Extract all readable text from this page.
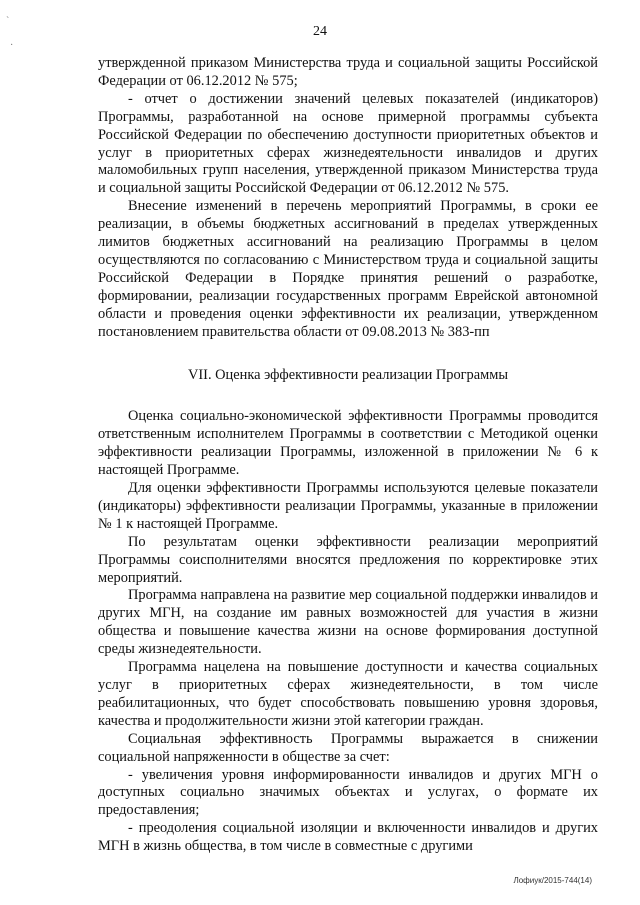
ˋ
·
24

утвержденной приказом Министерства труда и социальной защиты Российской Федерации от 06.12.2012 № 575;

- отчет о достижении значений целевых показателей (индикаторов) Программы, разработанной на основе примерной программы субъекта Российской Федерации по обеспечению доступности приоритетных объектов и услуг в приоритетных сферах жизнедеятельности инвалидов и других маломобильных групп населения, утвержденной приказом Министерства труда и социальной защиты Российской Федерации от 06.12.2012 № 575.

Внесение изменений в перечень мероприятий Программы, в сроки ее реализации, в объемы бюджетных ассигнований в пределах утвержденных лимитов бюджетных ассигнований на реализацию Программы в целом осуществляются по согласованию с Министерством труда и социальной защиты Российской Федерации в Порядке принятия решений о разработке, формировании, реализации государственных программ Еврейской автономной области и проведения оценки эффективности их реализации, утвержденном постановлением правительства области от 09.08.2013 № 383-пп

VII. Оценка эффективности реализации Программы

Оценка социально-экономической эффективности Программы проводится ответственным исполнителем Программы в соответствии с Методикой оценки эффективности реализации Программы, изложенной в приложении № 6 к настоящей Программе.

Для оценки эффективности Программы используются целевые показатели (индикаторы) эффективности реализации Программы, указанные в приложении № 1 к настоящей Программе.

По результатам оценки эффективности реализации мероприятий Программы соисполнителями вносятся предложения по корректировке этих мероприятий.

Программа направлена на развитие мер социальной поддержки инвалидов и других МГН, на создание им равных возможностей для участия в жизни общества и повышение качества жизни на основе формирования доступной среды жизнедеятельности.

Программа нацелена на повышение доступности и качества социальных услуг в приоритетных сферах жизнедеятельности, в том числе реабилитационных, что будет способствовать повышению уровня здоровья, качества и продолжительности жизни этой категории граждан.

Социальная эффективность Программы выражается в снижении социальной напряженности в обществе за счет:

- увеличения уровня информированности инвалидов и других МГН о доступных социально значимых объектах и услугах, о формате их предоставления;

- преодоления социальной изоляции и включенности инвалидов и других МГН в жизнь общества, в том числе в совместные с другими

Лофиук/2015-744(14)
